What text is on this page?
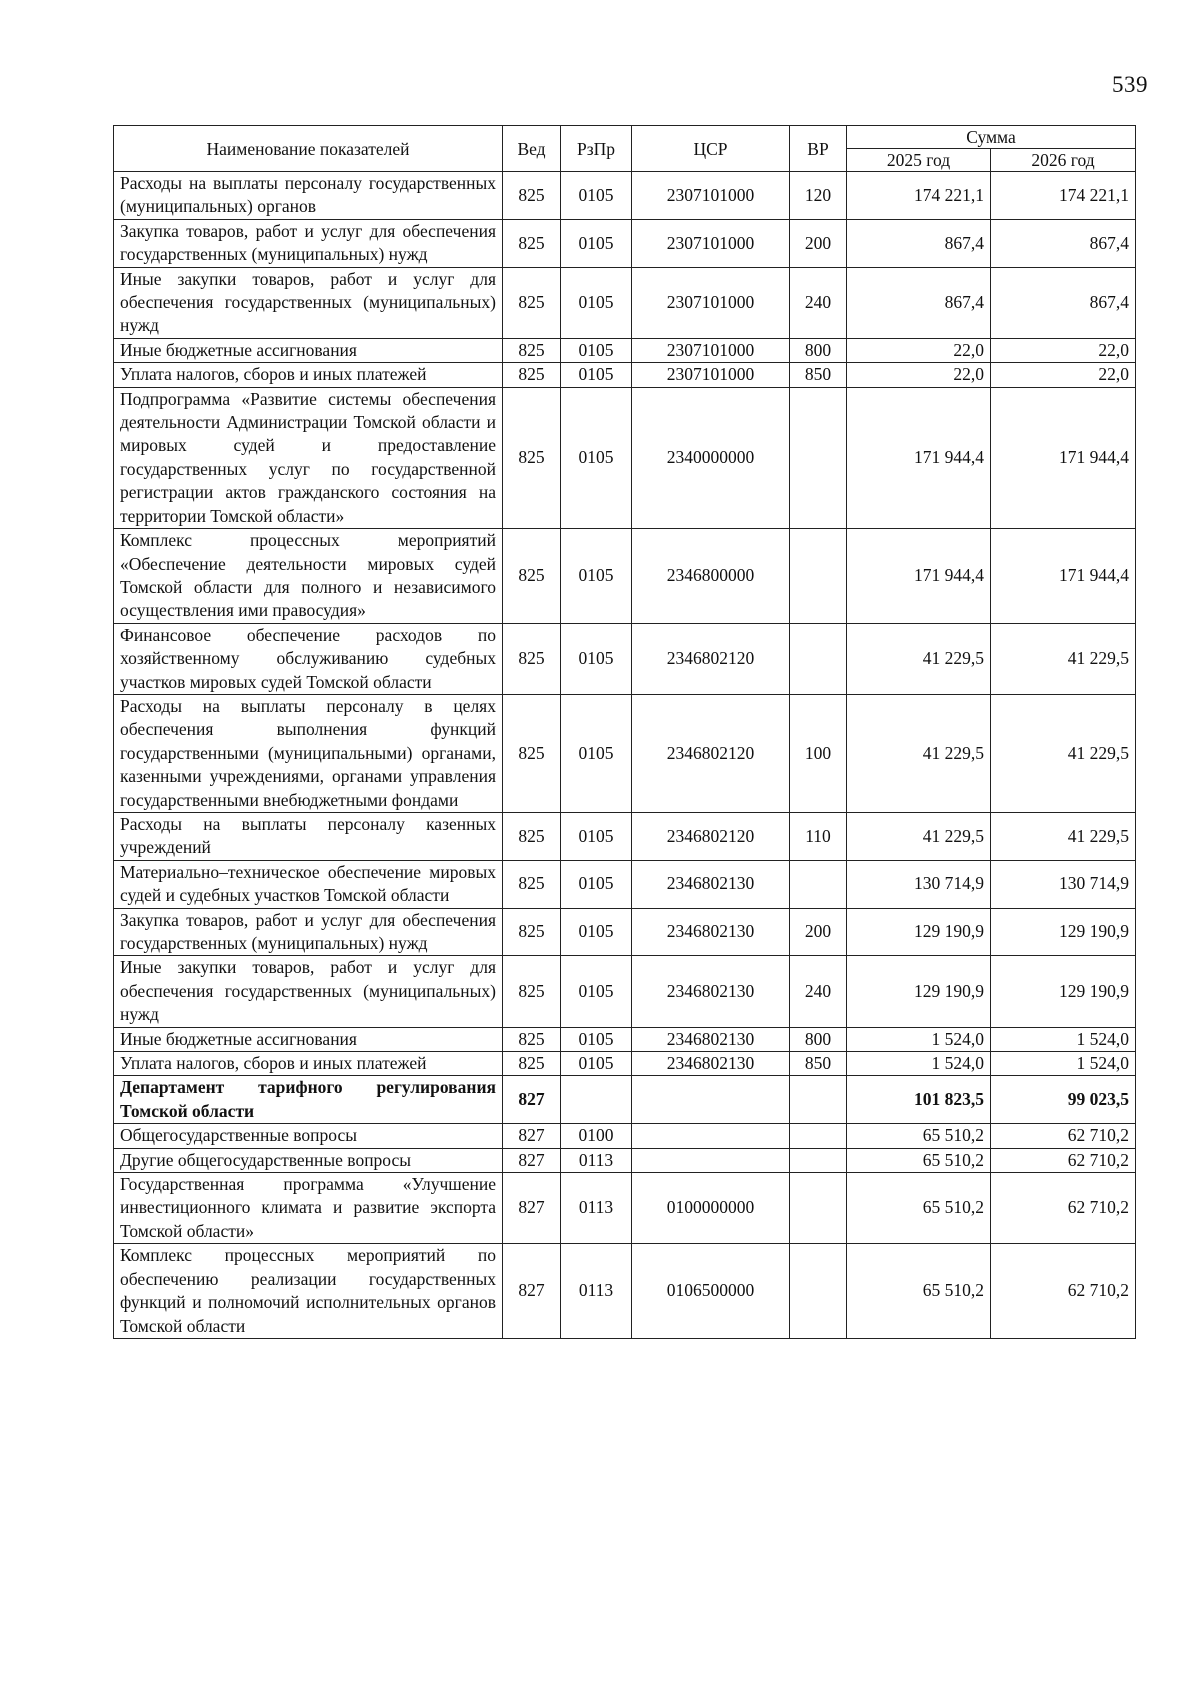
539
Наименование показателей	Вед	РзПр	ЦСР	ВР	Сумма	
					2025 год	2026 год
Расходы на выплаты персоналу государственных (муниципальных) органов	825	0105	2307101000	120	174 221,1	174 221,1
Закупка товаров, работ и услуг для обеспечения государственных (муниципальных) нужд	825	0105	2307101000	200	867,4	867,4
Иные закупки товаров, работ и услуг для обеспечения государственных (муниципальных) нужд	825	0105	2307101000	240	867,4	867,4
Иные бюджетные ассигнования	825	0105	2307101000	800	22,0	22,0
Уплата налогов, сборов и иных платежей	825	0105	2307101000	850	22,0	22,0
Подпрограмма «Развитие системы обеспечения деятельности Администрации Томской области и мировых судей и предоставление государственных услуг по государственной регистрации актов гражданского состояния на территории Томской области»	825	0105	2340000000		171 944,4	171 944,4
Комплекс процессных мероприятий «Обеспечение деятельности мировых судей Томской области для полного и независимого осуществления ими правосудия»	825	0105	2346800000		171 944,4	171 944,4
Финансовое обеспечение расходов по хозяйственному обслуживанию судебных участков мировых судей Томской области	825	0105	2346802120		41 229,5	41 229,5
Расходы на выплаты персоналу в целях обеспечения выполнения функций государственными (муниципальными) органами, казенными учреждениями, органами управления государственными внебюджетными фондами	825	0105	2346802120	100	41 229,5	41 229,5
Расходы на выплаты персоналу казенных учреждений	825	0105	2346802120	110	41 229,5	41 229,5
Материально–техническое обеспечение мировых судей и судебных участков Томской области	825	0105	2346802130		130 714,9	130 714,9
Закупка товаров, работ и услуг для обеспечения государственных (муниципальных) нужд	825	0105	2346802130	200	129 190,9	129 190,9
Иные закупки товаров, работ и услуг для обеспечения государственных (муниципальных) нужд	825	0105	2346802130	240	129 190,9	129 190,9
Иные бюджетные ассигнования	825	0105	2346802130	800	1 524,0	1 524,0
Уплата налогов, сборов и иных платежей	825	0105	2346802130	850	1 524,0	1 524,0
Департамент тарифного регулирования Томской области	827				101 823,5	99 023,5
Общегосударственные вопросы	827	0100			65 510,2	62 710,2
Другие общегосударственные вопросы	827	0113			65 510,2	62 710,2
Государственная программа «Улучшение инвестиционного климата и развитие экспорта Томской области»	827	0113	0100000000		65 510,2	62 710,2
Комплекс процессных мероприятий по обеспечению реализации государственных функций и полномочий исполнительных органов Томской области	827	0113	0106500000		65 510,2	62 710,2
